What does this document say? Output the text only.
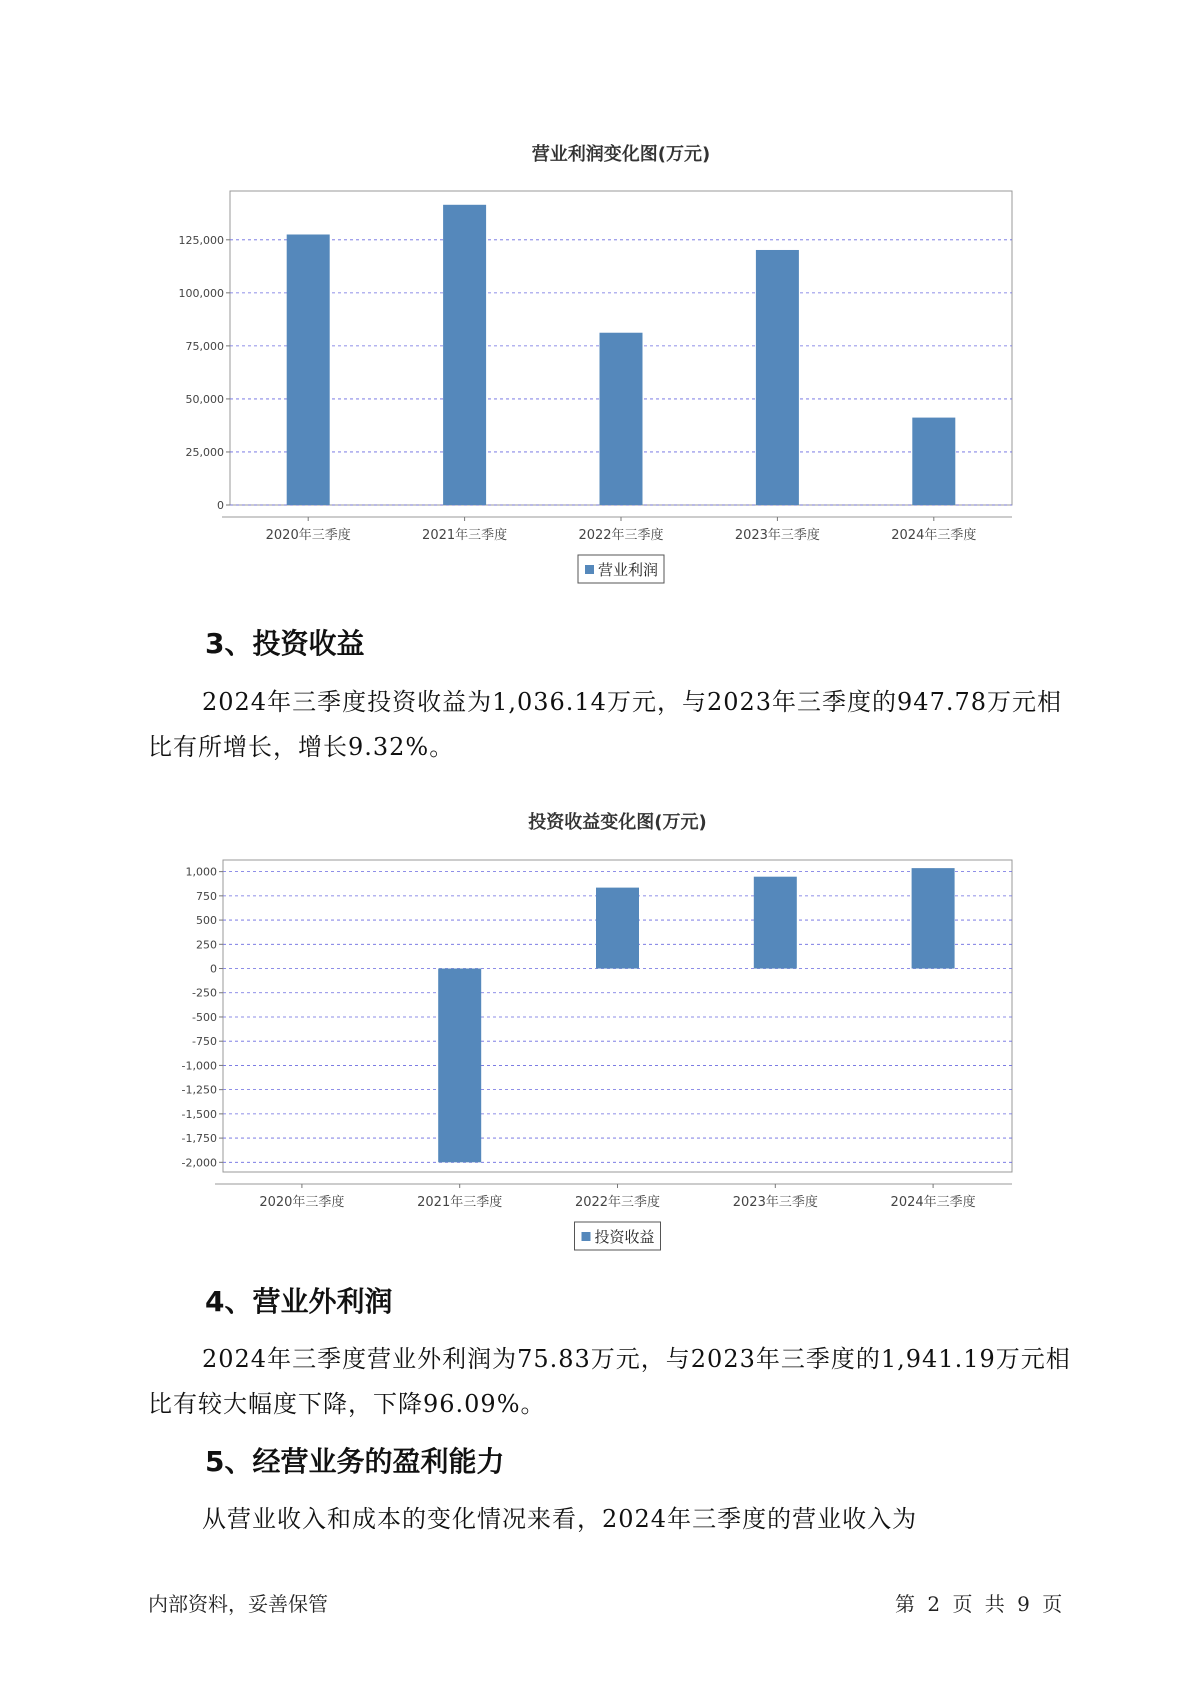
营业利润变化图(万元)
0
25,000
50,000
75,000
100,000
125,000
2020年三季度	2021年三季度	2022年三季度	2023年三季度	2024年三季度
营业利润
3、投资收益

2024年三季度投资收益为1,036.14万元，与2023年三季度的947.78万元相比有所增长，增长9.32%。

投资收益变化图(万元)
-2,000
-1,750
-1,500
-1,250
-1,000
-750
-500
-250
0
250
500
750
1,000
2020年三季度	2021年三季度	2022年三季度	2023年三季度	2024年三季度
投资收益
4、营业外利润

2024年三季度营业外利润为75.83万元，与2023年三季度的1,941.19万元相比有较大幅度下降，下降96.09%。

5、经营业务的盈利能力

从营业收入和成本的变化情况来看，2024年三季度的营业收入为

内部资料，妥善保管	第 2 页 共 9 页
